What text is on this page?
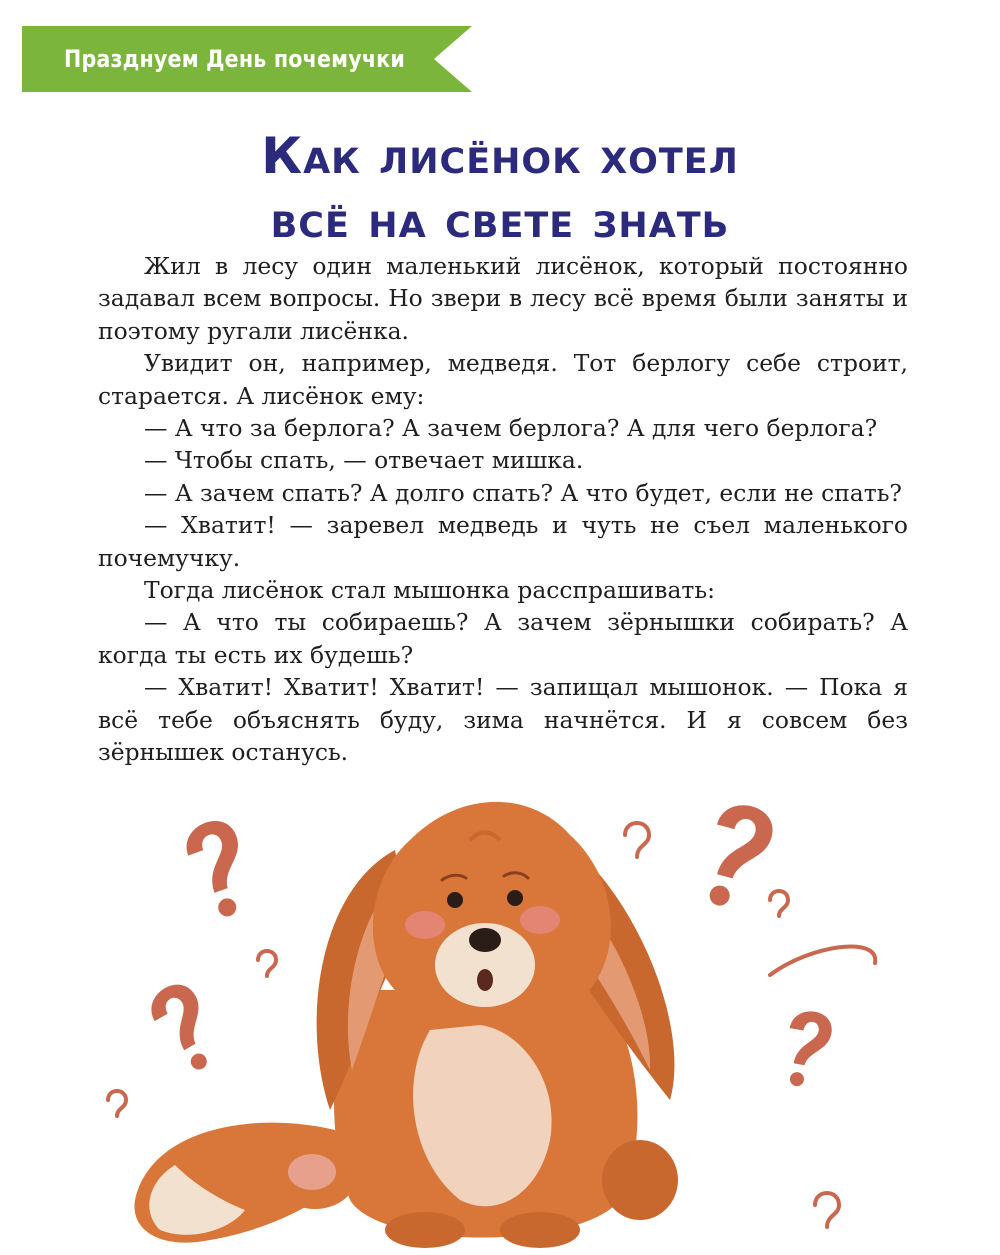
Празднуем День почемучки
Как лисёнок хотел
всё на свете знать

Жил в лесу один маленький лисёнок, который постоянно задавал всем вопросы. Но звери в лесу всё время были заняты и поэтому ругали лисёнка.

Увидит он, например, медведя. Тот берлогу себе строит, старается. А лисёнок ему:

— А что за берлога? А зачем берлога? А для чего берлога?

— Чтобы спать, — отвечает мишка.

— А зачем спать? А долго спать? А что будет, если не спать?

— Хватит! — заревел медведь и чуть не съел маленького почемучку.

Тогда лисёнок стал мышонка расспрашивать:

— А что ты собираешь? А зачем зёрнышки собирать? А когда ты есть их будешь?

— Хватит! Хватит! Хватит! — запищал мышонок. — Пока я всё тебе объяснять буду, зима начнётся. И я совсем без зёрнышек останусь.
